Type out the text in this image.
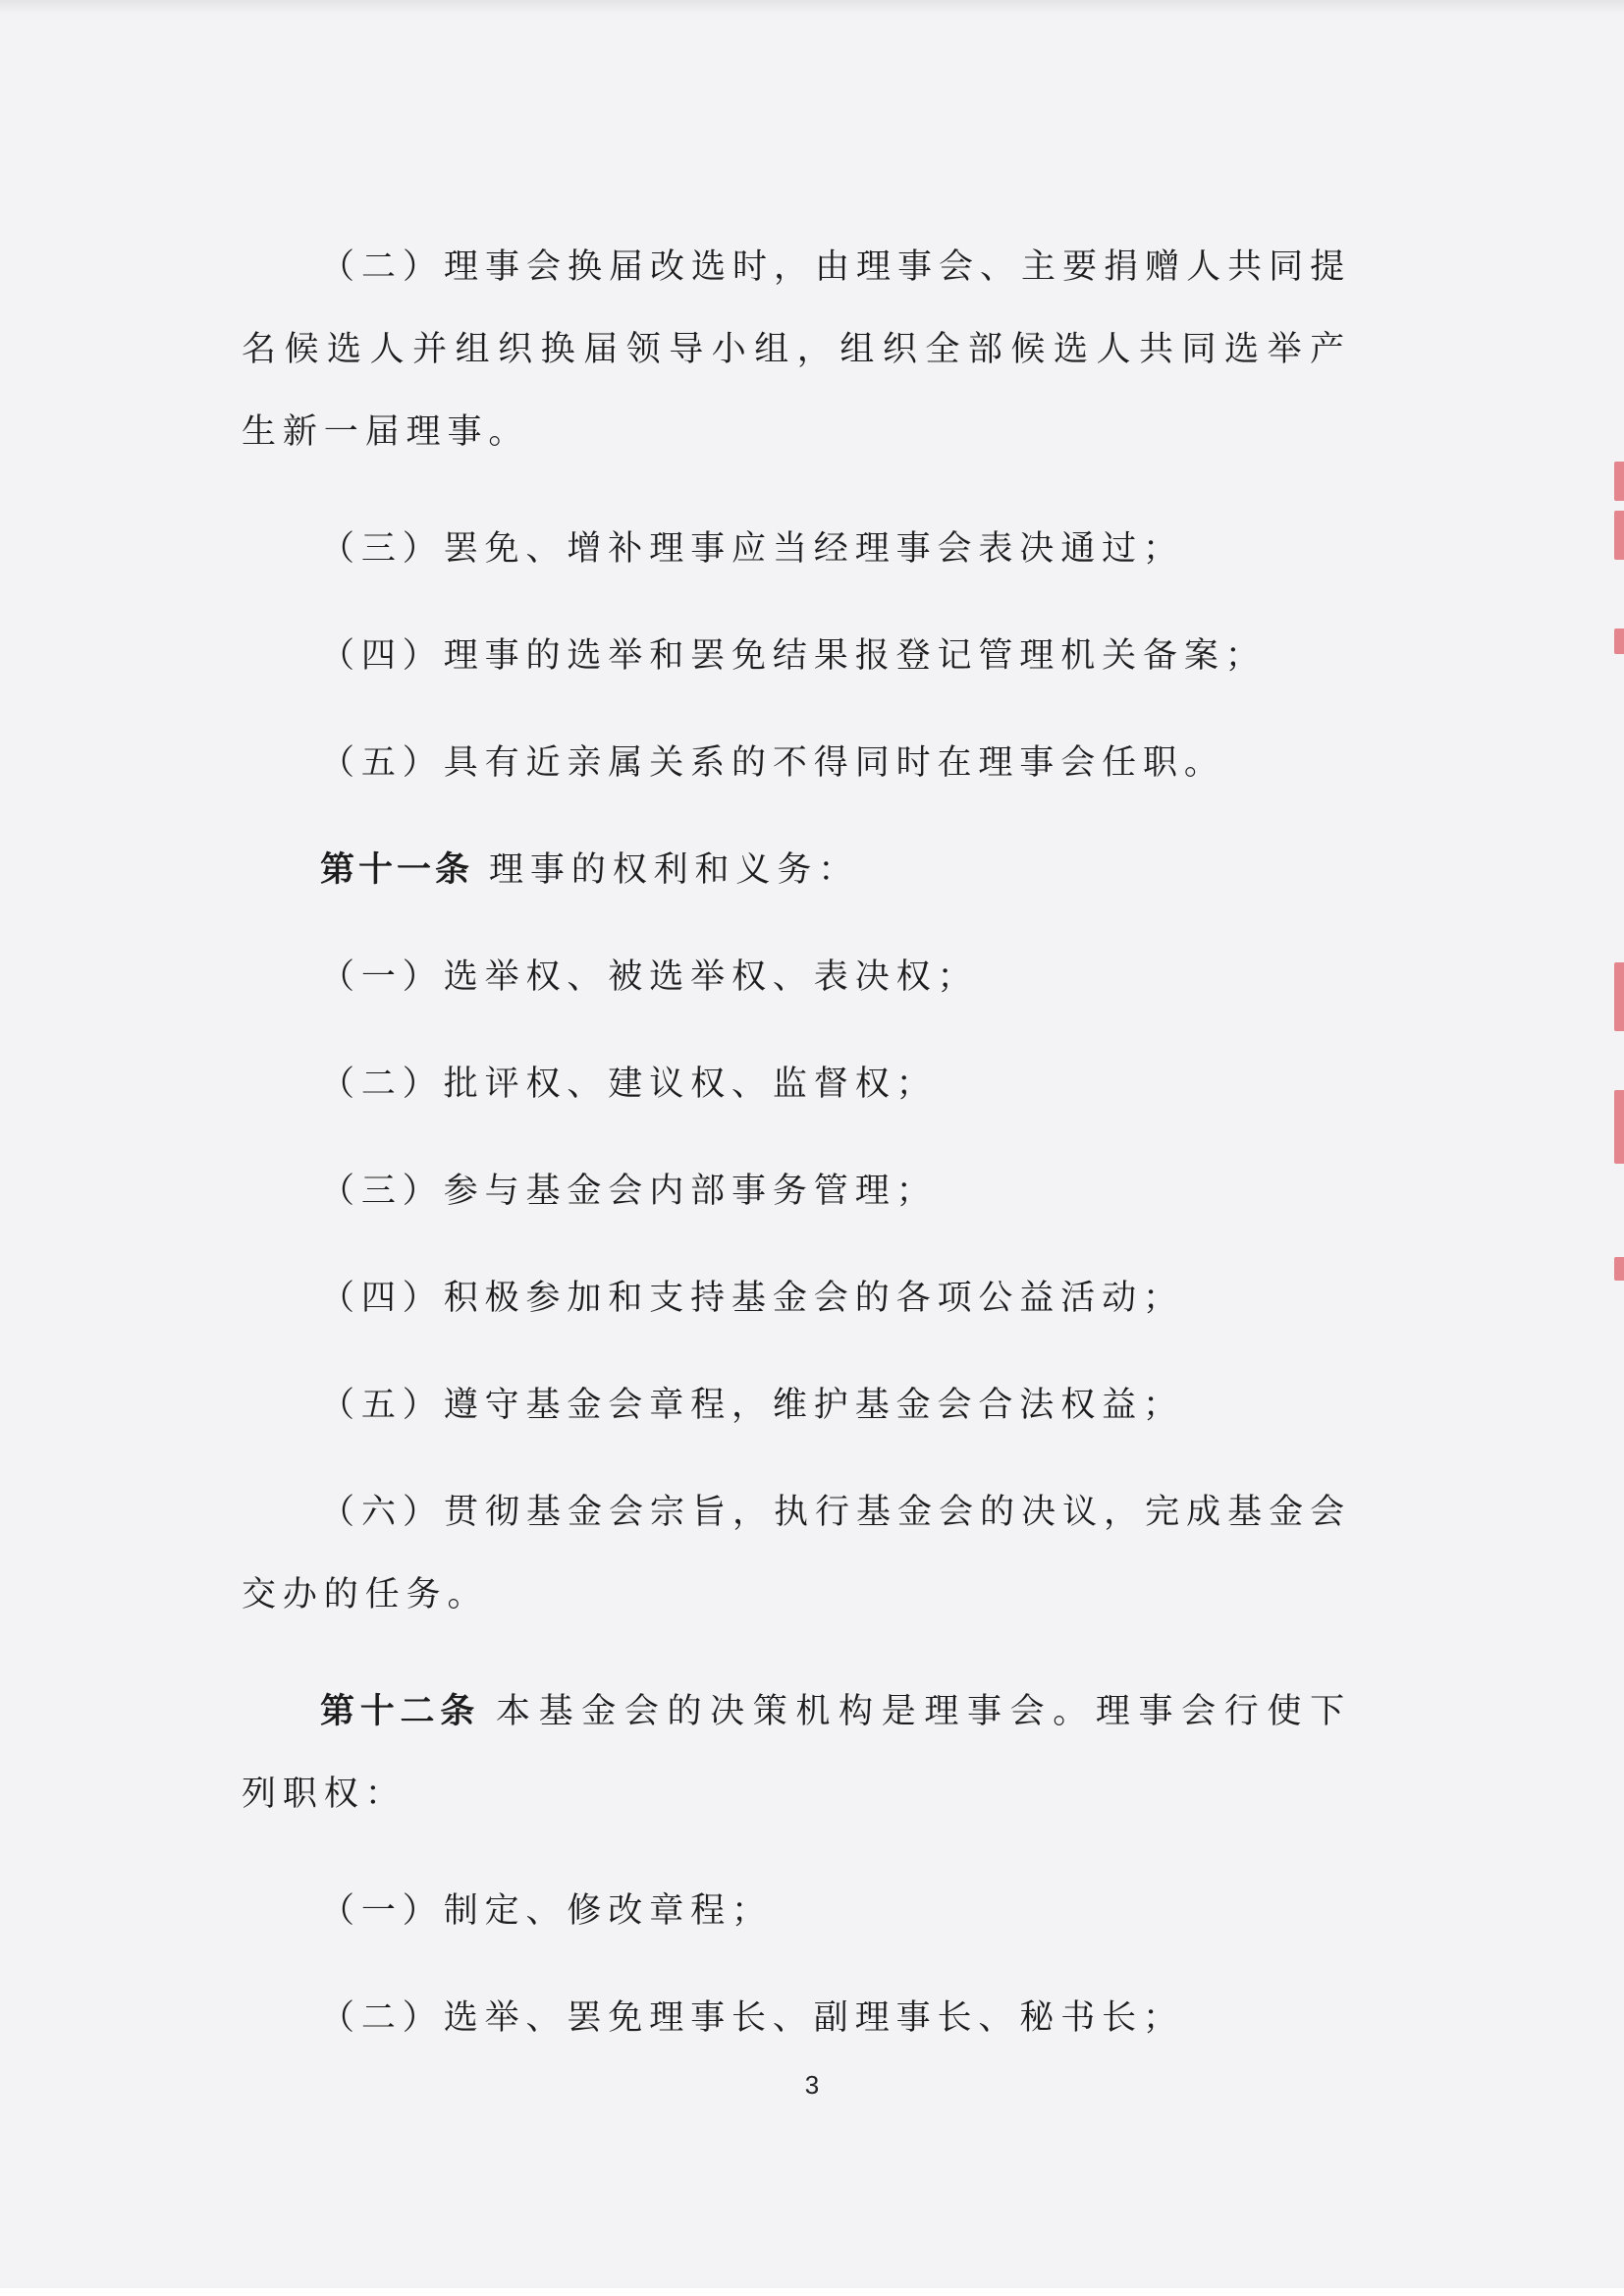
（二）理事会换届改选时，由理事会、主要捐赠人共同提名候选人并组织换届领导小组，组织全部候选人共同选举产生新一届理事。

（三）罢免、增补理事应当经理事会表决通过；

（四）理事的选举和罢免结果报登记管理机关备案；

（五）具有近亲属关系的不得同时在理事会任职。

第十一条 理事的权利和义务：

（一）选举权、被选举权、表决权；

（二）批评权、建议权、监督权；

（三）参与基金会内部事务管理；

（四）积极参加和支持基金会的各项公益活动；

（五）遵守基金会章程，维护基金会合法权益；

（六）贯彻基金会宗旨，执行基金会的决议，完成基金会交办的任务。

第十二条 本基金会的决策机构是理事会。理事会行使下列职权：

（一）制定、修改章程；

（二）选举、罢免理事长、副理事长、秘书长；

3
